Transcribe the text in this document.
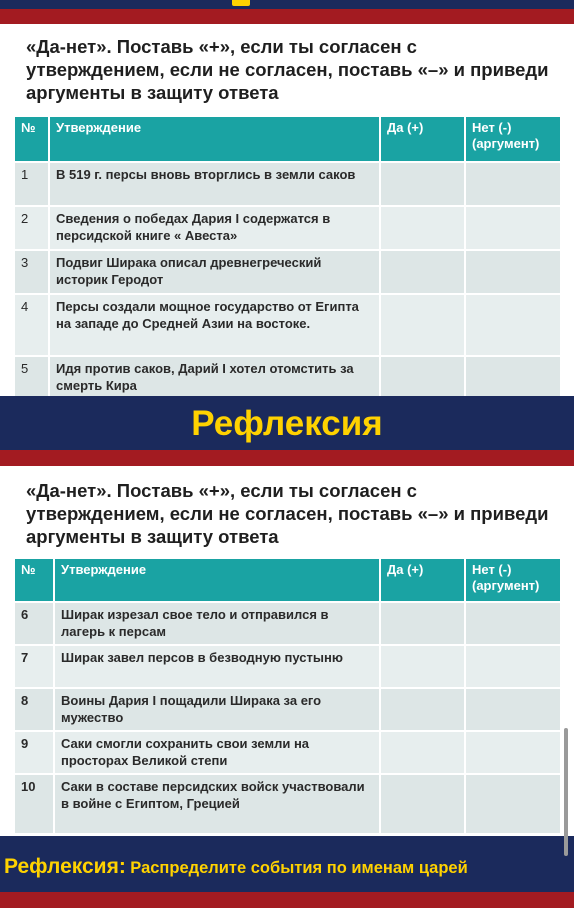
«Да-нет». Поставь «+», если ты согласен с утверждением, если не согласен, поставь «–» и приведи аргументы в защиту ответа
№	Утверждение	Да (+)	Нет (-) (аргумент)
1	В 519 г. персы вновь вторглись в земли саков		
2	Сведения о победах Дария I содержатся в персидской книге « Авеста»		
3	Подвиг Ширака описал древнегреческий историк Геродот		
4	Персы создали мощное государство от Египта на западе до Средней Азии на востоке.		
5	Идя против саков, Дарий I хотел отомстить за смерть Кира		
Рефлексия
«Да-нет». Поставь «+», если ты согласен с утверждением, если не согласен, поставь «–» и приведи аргументы в защиту ответа
№	Утверждение	Да (+)	Нет (-) (аргумент)
6	Ширак изрезал свое тело и отправился в лагерь к персам		
7	Ширак завел персов в безводную пустыню		
8	Воины Дария I пощадили Ширака за его мужество		
9	Саки смогли сохранить свои земли на просторах Великой степи		
10	Саки в составе персидских войск участвовали в войне с Египтом, Грецией		
Рефлексия: Распределите события по именам царей
